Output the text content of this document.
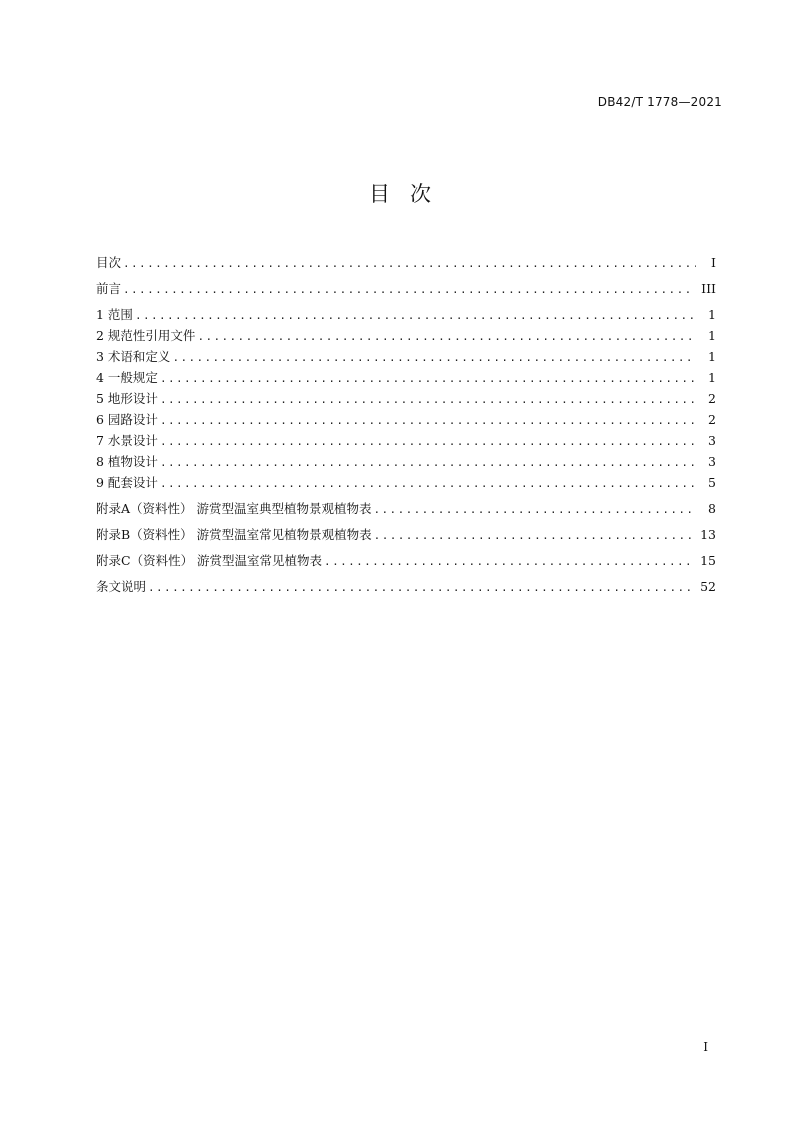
DB42/T 1778—2021
目次
目次 .....	I
前言 .....	III
1 范围 .....	1
2 规范性引用文件 .....	1
3 术语和定义 .....	1
4 一般规定 .....	1
5 地形设计 .....	2
6 园路设计 .....	2
7 水景设计 .....	3
8 植物设计 .....	3
9 配套设计 .....	5
附录A（资料性） 游赏型温室典型植物景观植物表 .....	8
附录B（资料性） 游赏型温室常见植物景观植物表 .....	13
附录C（资料性） 游赏型温室常见植物表 .....	15
条文说明 .....	52
I
